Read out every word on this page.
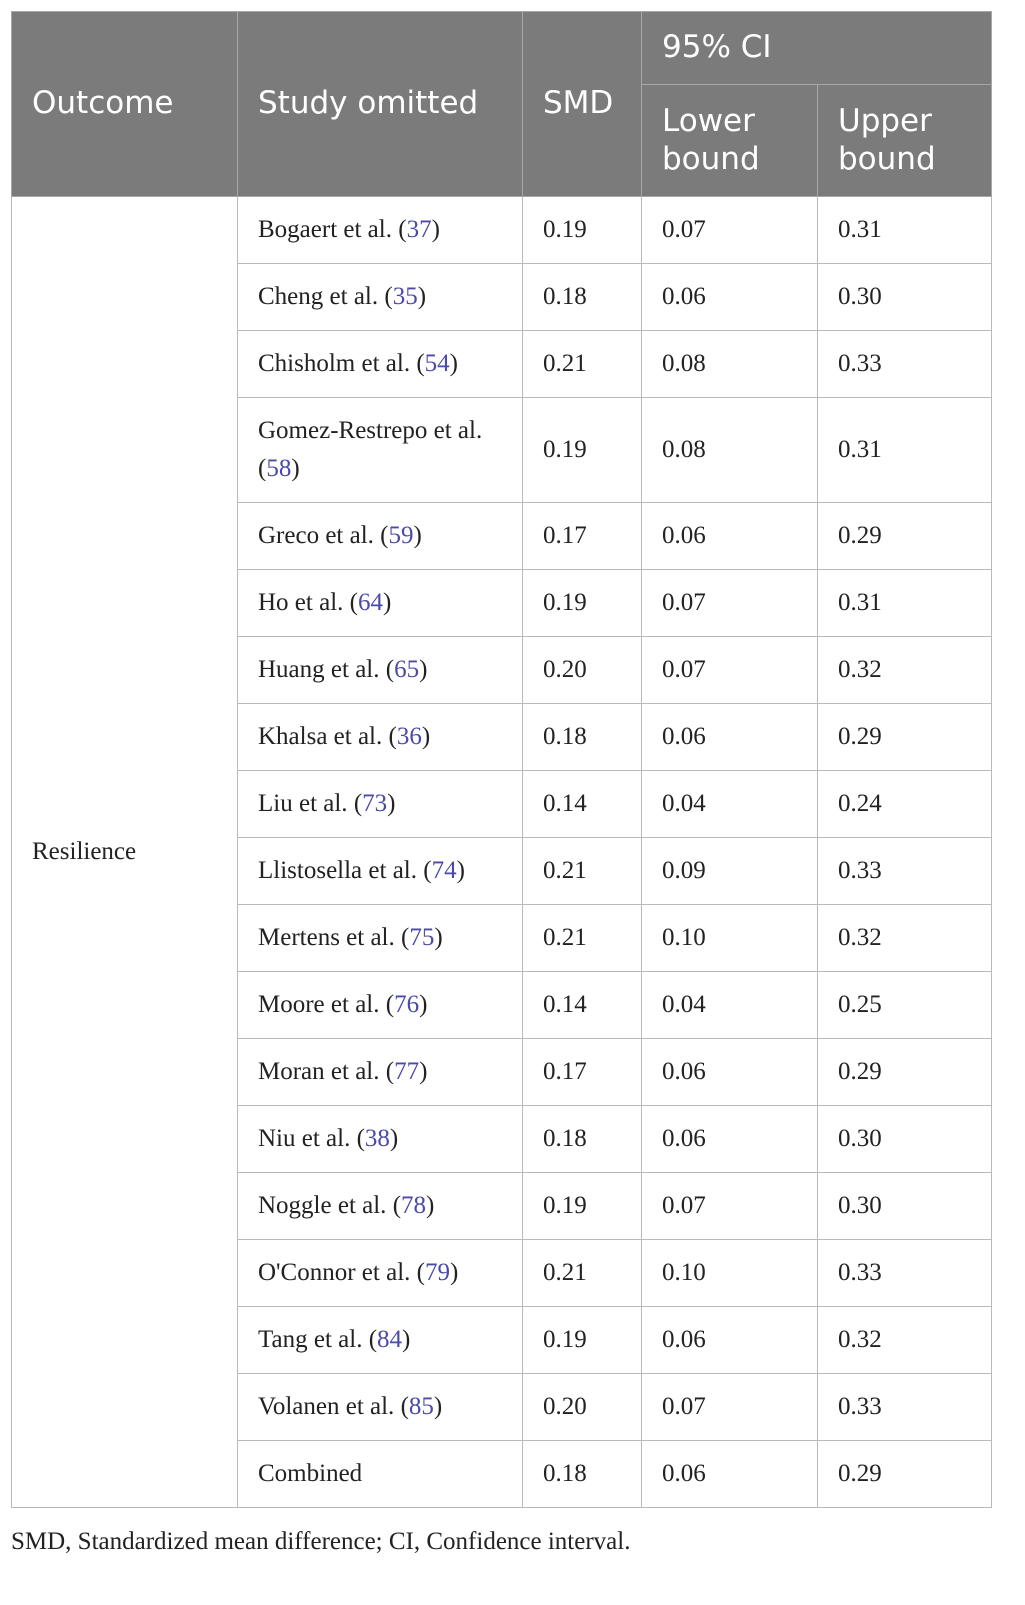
Outcome	Study omitted	SMD	95% CI	
			Lower bound	Upper bound
Resilience	Bogaert et al. (37)	0.19	0.07	0.31
	Cheng et al. (35)	0.18	0.06	0.30
	Chisholm et al. (54)	0.21	0.08	0.33
	Gomez-Restrepo et al. (58)	0.19	0.08	0.31
	Greco et al. (59)	0.17	0.06	0.29
	Ho et al. (64)	0.19	0.07	0.31
	Huang et al. (65)	0.20	0.07	0.32
	Khalsa et al. (36)	0.18	0.06	0.29
	Liu et al. (73)	0.14	0.04	0.24
	Llistosella et al. (74)	0.21	0.09	0.33
	Mertens et al. (75)	0.21	0.10	0.32
	Moore et al. (76)	0.14	0.04	0.25
	Moran et al. (77)	0.17	0.06	0.29
	Niu et al. (38)	0.18	0.06	0.30
	Noggle et al. (78)	0.19	0.07	0.30
	O'Connor et al. (79)	0.21	0.10	0.33
	Tang et al. (84)	0.19	0.06	0.32
	Volanen et al. (85)	0.20	0.07	0.33
	Combined	0.18	0.06	0.29
SMD, Standardized mean difference; CI, Confidence interval.
